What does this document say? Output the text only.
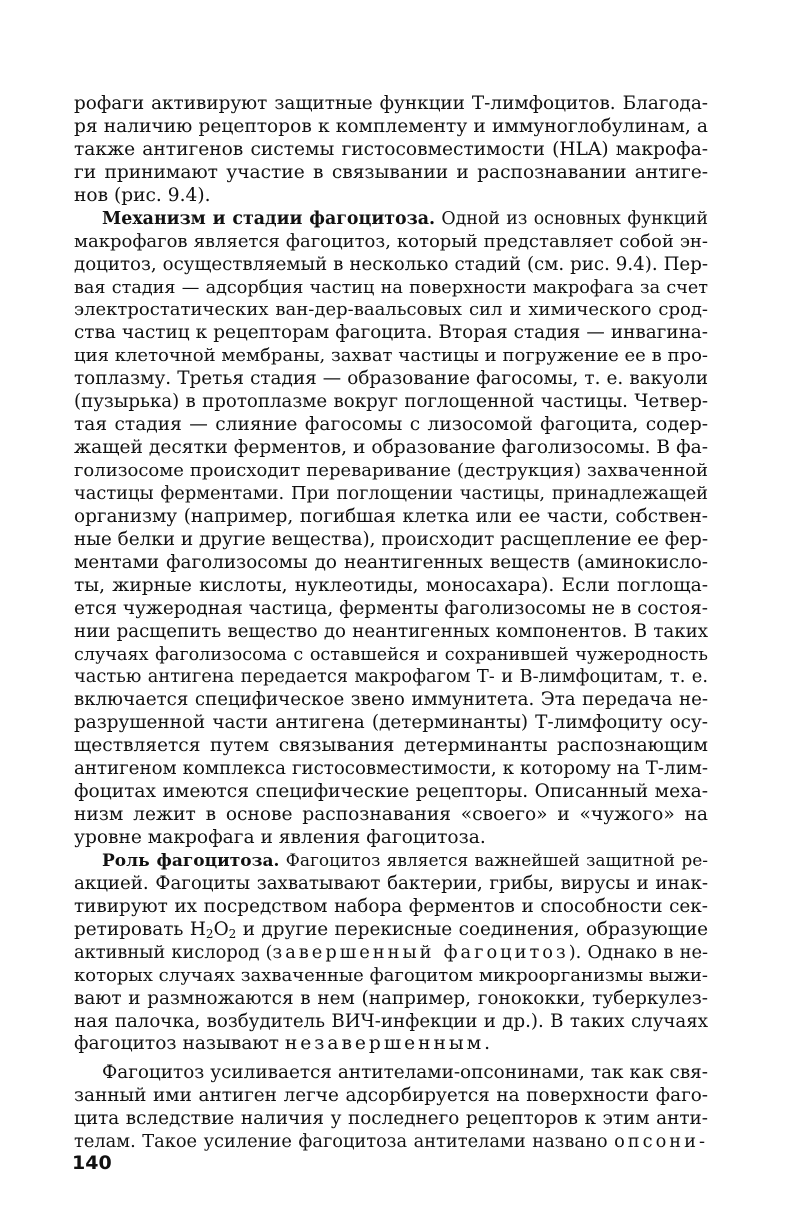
рофаги активируют защитные функции Т-лимфоцитов. Благода-
ря наличию рецепторов к комплементу и иммуноглобулинам, а
также антигенов системы гистосовместимости (HLA) макрофа-
ги принимают участие в связывании и распознавании антиге-
нов (рис. 9.4).
Механизм и стадии фагоцитоза. Одной из основных функций
макрофагов является фагоцитоз, который представляет собой эн-
доцитоз, осуществляемый в несколько стадий (см. рис. 9.4). Пер-
вая стадия — адсорбция частиц на поверхности макрофага за счет
электростатических ван-дер-ваальсовых сил и химического срод-
ства частиц к рецепторам фагоцита. Вторая стадия — инвагина-
ция клеточной мембраны, захват частицы и погружение ее в про-
топлазму. Третья стадия — образование фагосомы, т. е. вакуоли
(пузырька) в протоплазме вокруг поглощенной частицы. Четвер-
тая стадия — слияние фагосомы с лизосомой фагоцита, содер-
жащей десятки ферментов, и образование фаголизосомы. В фа-
голизосоме происходит переваривание (деструкция) захваченной
частицы ферментами. При поглощении частицы, принадлежащей
организму (например, погибшая клетка или ее части, собствен-
ные белки и другие вещества), происходит расщепление ее фер-
ментами фаголизосомы до неантигенных веществ (аминокисло-
ты, жирные кислоты, нуклеотиды, моносахара). Если поглоща-
ется чужеродная частица, ферменты фаголизосомы не в состоя-
нии расщепить вещество до неантигенных компонентов. В таких
случаях фаголизосома с оставшейся и сохранившей чужеродность
частью антигена передается макрофагом Т- и В-лимфоцитам, т. е.
включается специфическое звено иммунитета. Эта передача не-
разрушенной части антигена (детерминанты) Т-лимфоциту осу-
ществляется путем связывания детерминанты распознающим
антигеном комплекса гистосовместимости, к которому на Т-лим-
фоцитах имеются специфические рецепторы. Описанный меха-
низм лежит в основе распознавания «своего» и «чужого» на
уровне макрофага и явления фагоцитоза.
Роль фагоцитоза. Фагоцитоз является важнейшей защитной ре-
акцией. Фагоциты захватывают бактерии, грибы, вирусы и инак-
тивируют их посредством набора ферментов и способности сек-
ретировать $H_2O_2$ и другие перекисные соединения, образующие
активный кислород (завершенный фагоцитоз). Однако в не-
которых случаях захваченные фагоцитом микроорганизмы выжи-
вают и размножаются в нем (например, гонококки, туберкулез-
ная палочка, возбудитель ВИЧ-инфекции и др.). В таких случаях
фагоцитоз называют незавершенным.
Фагоцитоз усиливается антителами-опсонинами, так как свя-
занный ими антиген легче адсорбируется на поверхности фаго-
цита вследствие наличия у последнего рецепторов к этим анти-
телам. Такое усиление фагоцитоза антителами названо опсони-
140
